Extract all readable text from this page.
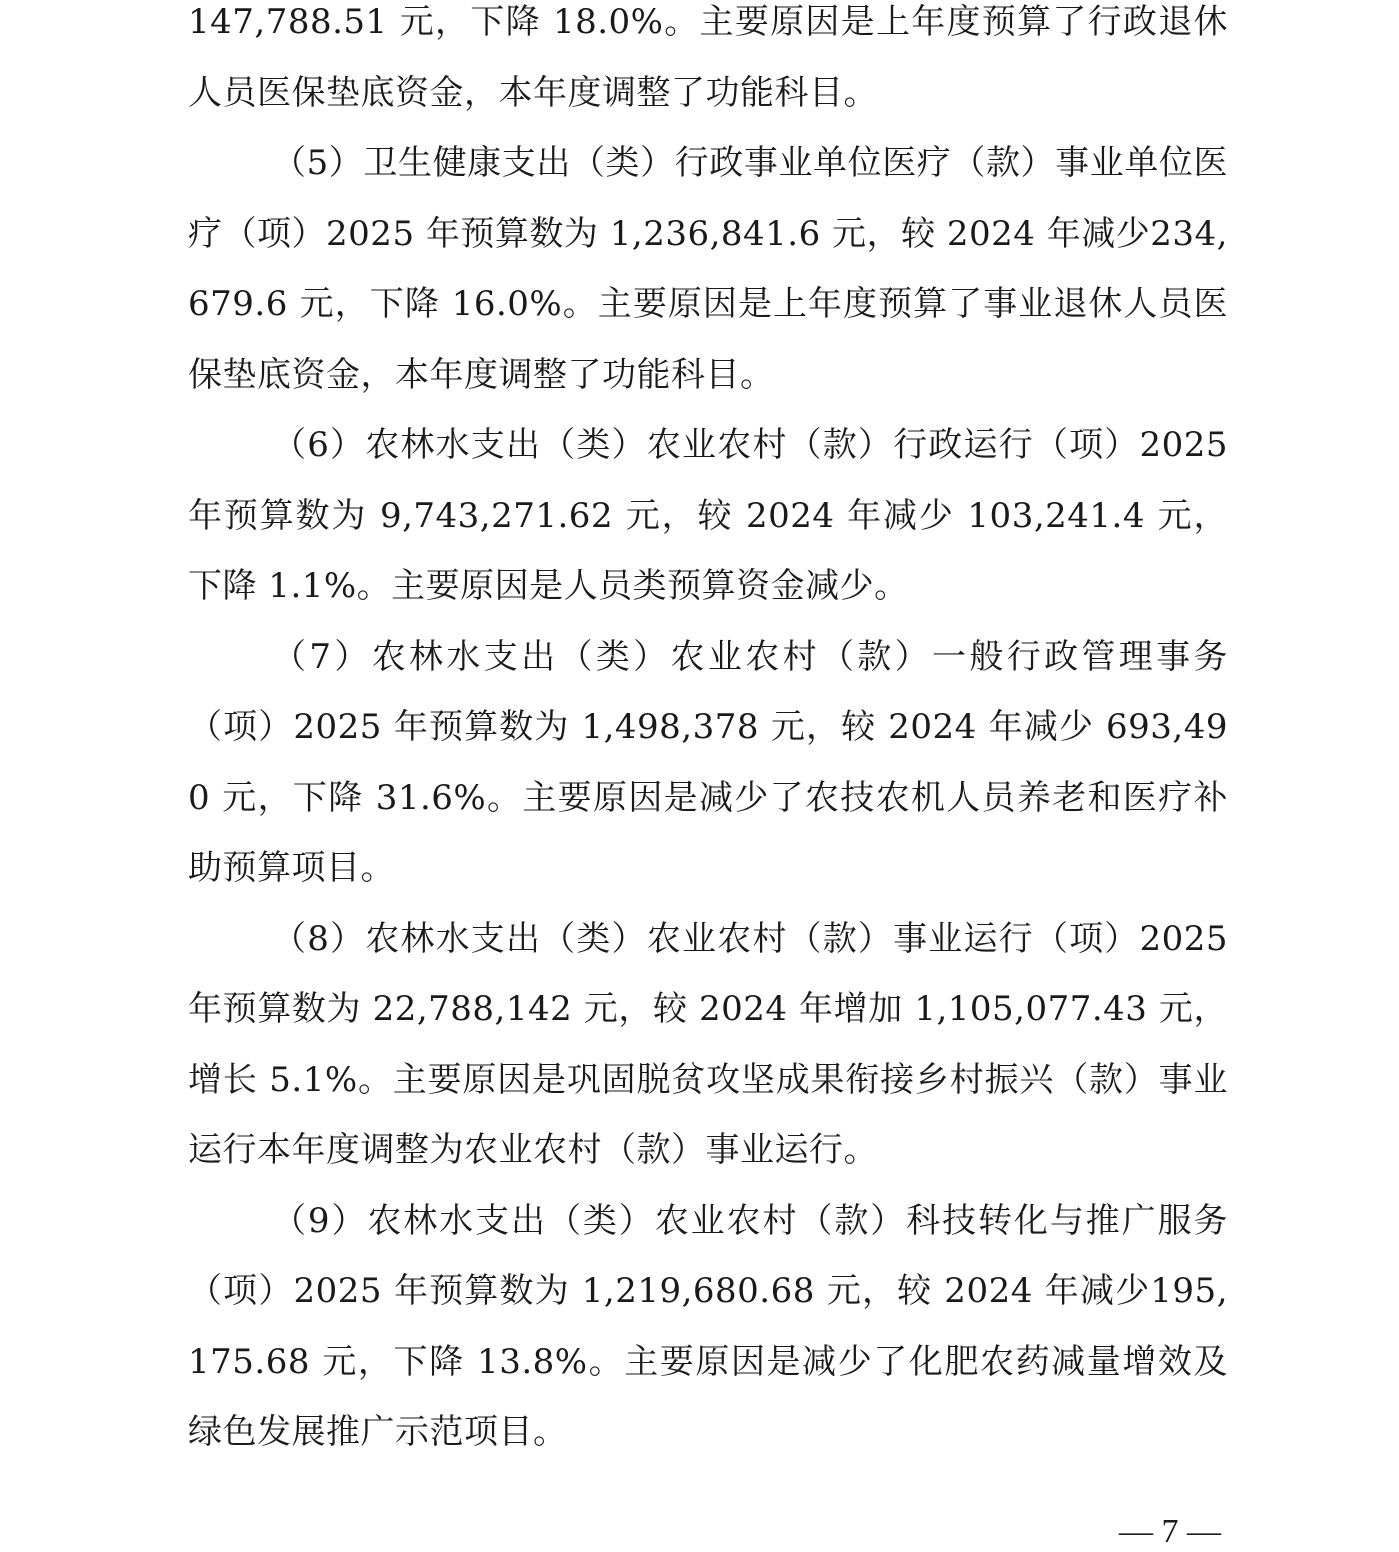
147,788.51 元，下降 18.0%。主要原因是上年度预算了行政退休人员医保垫底资金，本年度调整了功能科目。

（5）卫生健康支出（类）行政事业单位医疗（款）事业单位医疗（项）2025 年预算数为 1,236,841.6 元，较 2024 年减少234,679.6 元，下降 16.0%。主要原因是上年度预算了事业退休人员医保垫底资金，本年度调整了功能科目。

（6）农林水支出（类）农业农村（款）行政运行（项）2025 年预算数为 9,743,271.62 元，较 2024 年减少 103,241.4 元，下降 1.1%。主要原因是人员类预算资金减少。

（7）农林水支出（类）农业农村（款）一般行政管理事务（项）2025 年预算数为 1,498,378 元，较 2024 年减少 693,490 元，下降 31.6%。主要原因是减少了农技农机人员养老和医疗补助预算项目。

（8）农林水支出（类）农业农村（款）事业运行（项）2025 年预算数为 22,788,142 元，较 2024 年增加 1,105,077.43 元，增长 5.1%。主要原因是巩固脱贫攻坚成果衔接乡村振兴（款）事业运行本年度调整为农业农村（款）事业运行。

（9）农林水支出（类）农业农村（款）科技转化与推广服务（项）2025 年预算数为 1,219,680.68 元，较 2024 年减少195,175.68 元，下降 13.8%。主要原因是减少了化肥农药减量增效及绿色发展推广示范项目。

— 7 —
